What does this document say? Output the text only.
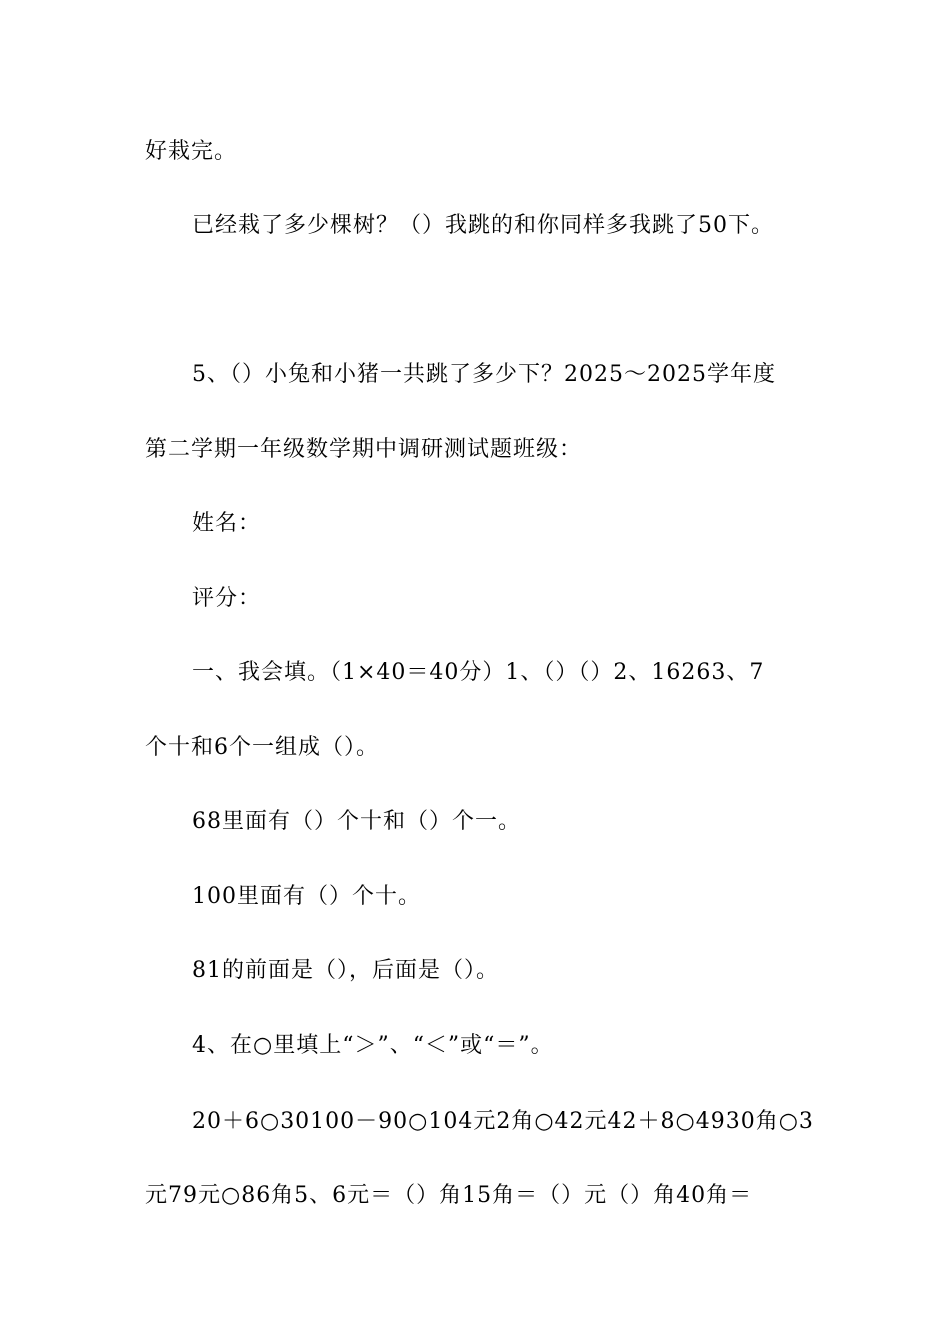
好栽完。
已经栽了多少棵树？（）我跳的和你同样多我跳了50下。
5、（）小兔和小猪一共跳了多少下？2025～2025学年度
第二学期一年级数学期中调研测试题班级：
姓名：
评分：
一、我会填。（1×40＝40分）1、（）（）2、16263、7
个十和6个一组成（）。
68里面有（）个十和（）个一。
100里面有（）个十。
81的前面是（），后面是（）。
4、在○里填上“＞”、“＜”或“＝”。
20＋6○30100－90○104元2角○42元42＋8○4930角○3
元79元○86角5、6元＝（）角15角＝（）元（）角40角＝
